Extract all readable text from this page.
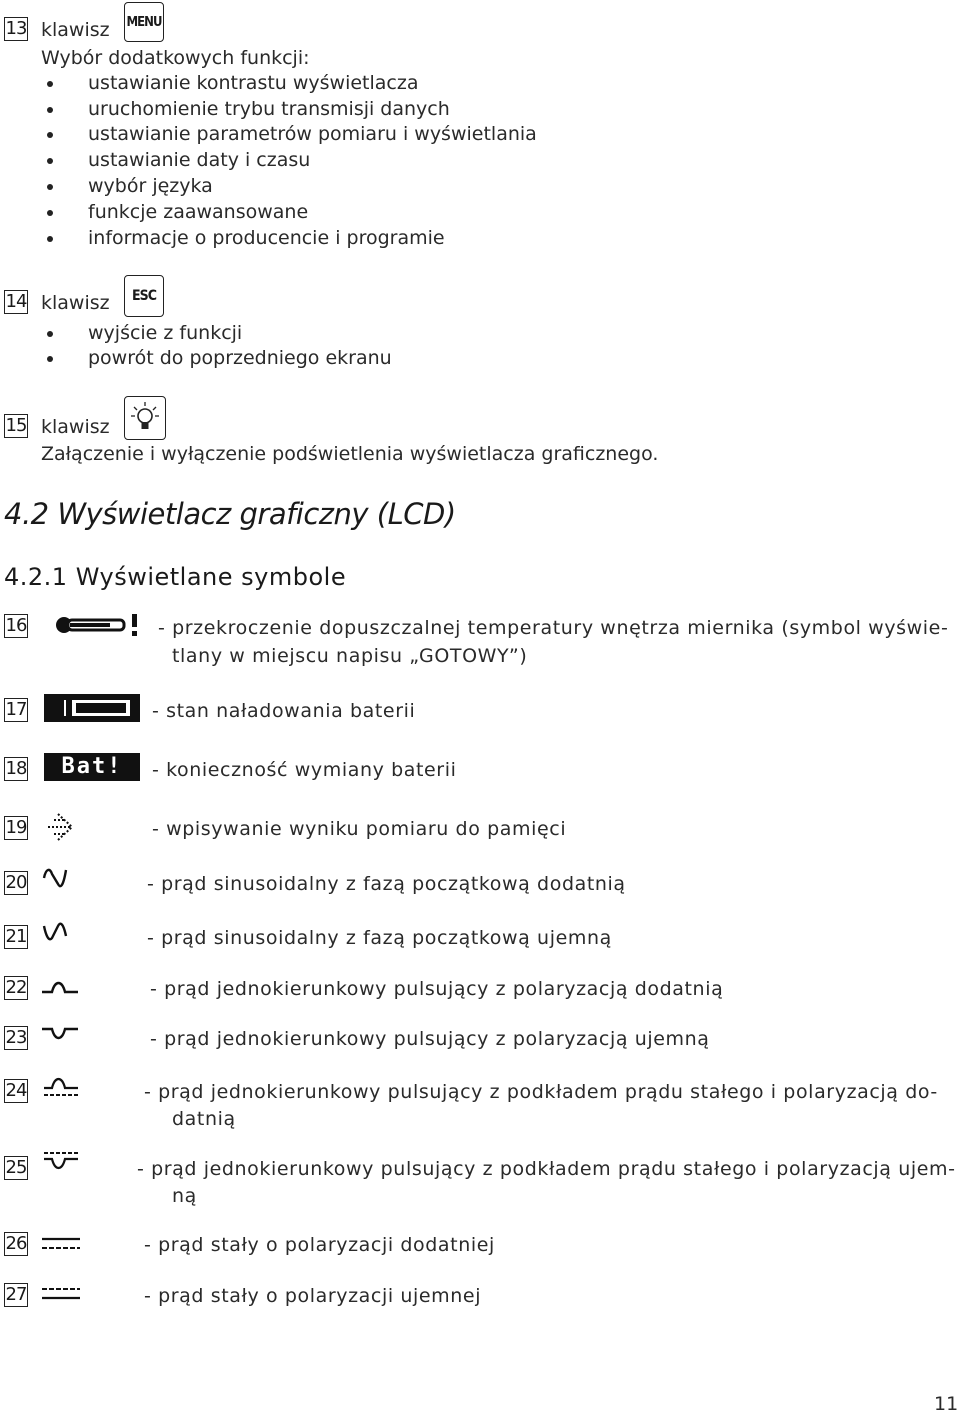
13 klawisz MENU
Wybór dodatkowych funkcji:
ustawianie kontrastu wyświetlacza
uruchomienie trybu transmisji danych
ustawianie parametrów pomiaru i wyświetlania
ustawianie daty i czasu
wybór języka
funkcje zaawansowane
informacje o producencie i programie
14 klawisz ESC
wyjście z funkcji
powrót do poprzedniego ekranu
15 klawisz
Załączenie i wyłączenie podświetlenia wyświetlacza graficznego.
4.2 Wyświetlacz graficzny (LCD)
4.2.1 Wyświetlane symbole
16	- przekroczenie dopuszczalnej temperatury wnętrza miernika (symbol wyświe-
tlany w miejscu napisu „GOTOWY”)
17	- stan naładowania baterii
18	Bat!	- konieczność wymiany baterii
19	- wpisywanie wyniku pomiaru do pamięci
20	- prąd sinusoidalny z fazą początkową dodatnią
21	- prąd sinusoidalny z fazą początkową ujemną
22	- prąd jednokierunkowy pulsujący z polaryzacją dodatnią
23	- prąd jednokierunkowy pulsujący z polaryzacją ujemną
24	- prąd jednokierunkowy pulsujący z podkładem prądu stałego i polaryzacją do-
datnią
25	- prąd jednokierunkowy pulsujący z podkładem prądu stałego i polaryzacją ujem-
ną
26	- prąd stały o polaryzacji dodatniej
27	- prąd stały o polaryzacji ujemnej
11
